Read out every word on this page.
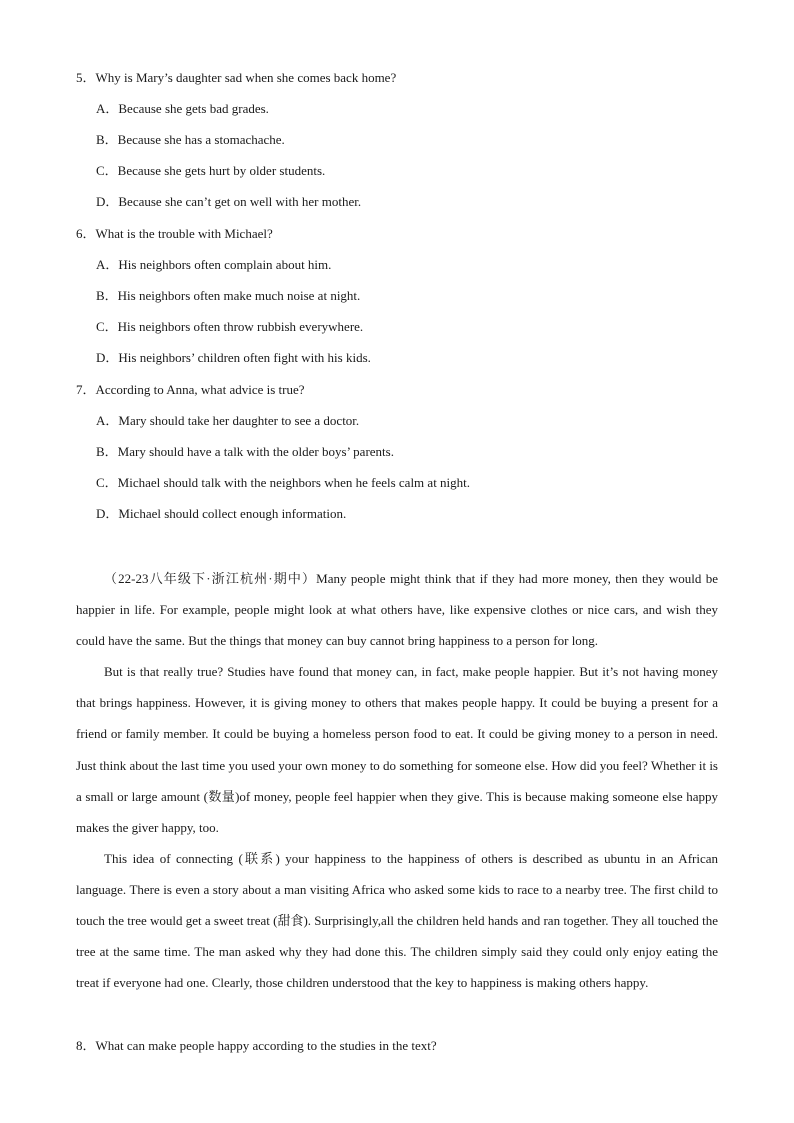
5．Why is Mary’s daughter sad when she comes back home?
A．Because she gets bad grades.
B．Because she has a stomachache.
C．Because she gets hurt by older students.
D．Because she can’t get on well with her mother.
6．What is the trouble with Michael?
A．His neighbors often complain about him.
B．His neighbors often make much noise at night.
C．His neighbors often throw rubbish everywhere.
D．His neighbors’ children often fight with his kids.
7．According to Anna, what advice is true?
A．Mary should take her daughter to see a doctor.
B．Mary should have a talk with the older boys’ parents.
C．Michael should talk with the neighbors when he feels calm at night.
D．Michael should collect enough information.

（22-23八年级下·浙江杭州·期中）Many people might think that if they had more money, then they would be happier in life. For example, people might look at what others have, like expensive clothes or nice cars, and wish they could have the same. But the things that money can buy cannot bring happiness to a person for long.

But is that really true? Studies have found that money can, in fact, make people happier. But it’s not having money that brings happiness. However, it is giving money to others that makes people happy. It could be buying a present for a friend or family member. It could be buying a homeless person food to eat. It could be giving money to a person in need. Just think about the last time you used your own money to do something for someone else. How did you feel? Whether it is a small or large amount (数量)of money, people feel happier when they give. This is because making someone else happy makes the giver happy, too.

This idea of connecting (联系) your happiness to the happiness of others is described as ubuntu in an African language. There is even a story about a man visiting Africa who asked some kids to race to a nearby tree. The first child to touch the tree would get a sweet treat (甜食). Surprisingly,all the children held hands and ran together. They all touched the tree at the same time. The man asked why they had done this. The children simply said they could only enjoy eating the treat if everyone had one. Clearly, those children understood that the key to happiness is making others happy.

8．What can make people happy according to the studies in the text?
